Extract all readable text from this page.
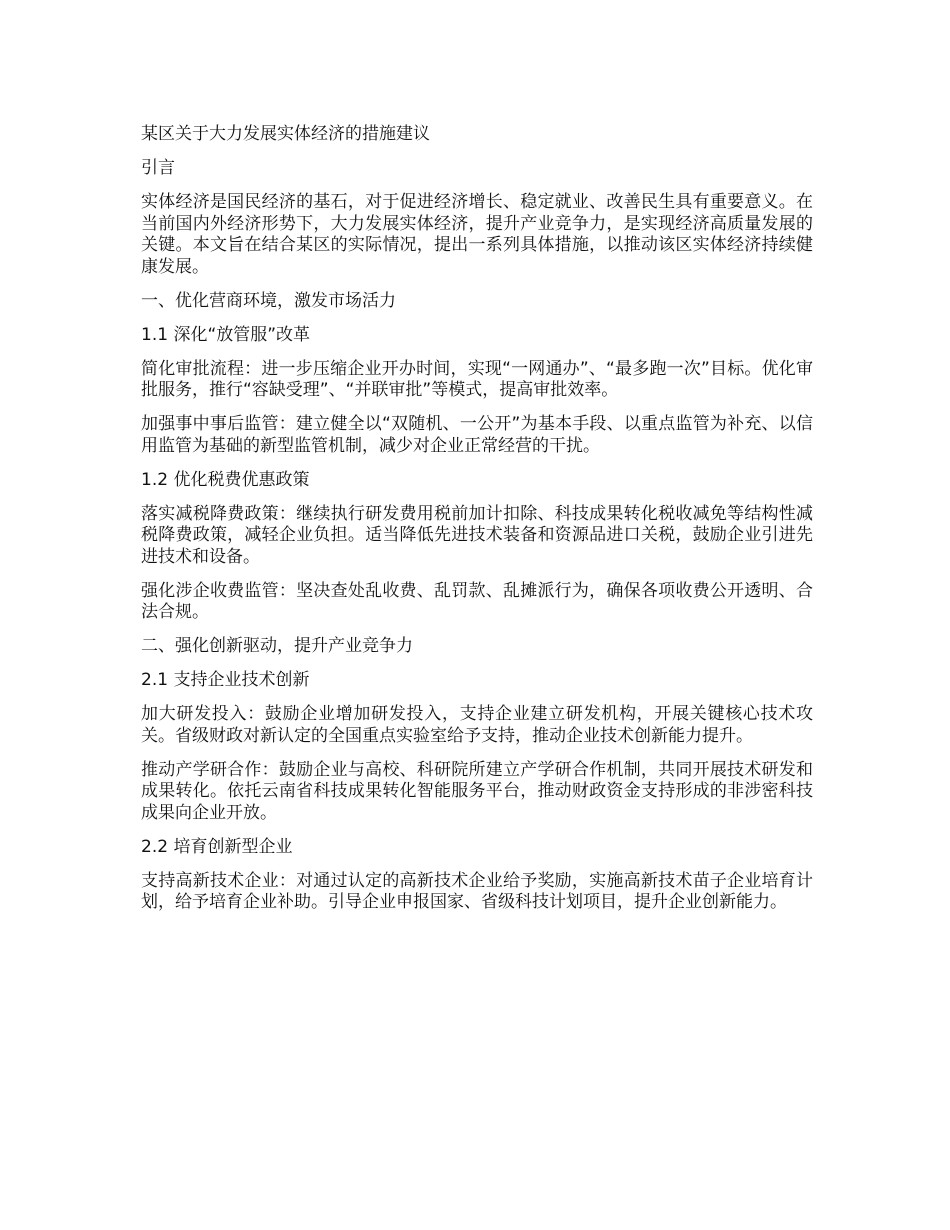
某区关于大力发展实体经济的措施建议

引言

实体经济是国民经济的基石，对于促进经济增长、稳定就业、改善民生具有重要意义。在当前国内外经济形势下，大力发展实体经济，提升产业竞争力，是实现经济高质量发展的关键。本文旨在结合某区的实际情况，提出一系列具体措施，以推动该区实体经济持续健康发展。

一、优化营商环境，激发市场活力

1.1 深化“放管服”改革

简化审批流程：进一步压缩企业开办时间，实现“一网通办”、“最多跑一次”目标。优化审批服务，推行“容缺受理”、“并联审批”等模式，提高审批效率。

加强事中事后监管：建立健全以“双随机、一公开”为基本手段、以重点监管为补充、以信用监管为基础的新型监管机制，减少对企业正常经营的干扰。

1.2 优化税费优惠政策

落实减税降费政策：继续执行研发费用税前加计扣除、科技成果转化税收减免等结构性减税降费政策，减轻企业负担。适当降低先进技术装备和资源品进口关税，鼓励企业引进先进技术和设备。

强化涉企收费监管：坚决查处乱收费、乱罚款、乱摊派行为，确保各项收费公开透明、合法合规。

二、强化创新驱动，提升产业竞争力

2.1 支持企业技术创新

加大研发投入：鼓励企业增加研发投入，支持企业建立研发机构，开展关键核心技术攻关。省级财政对新认定的全国重点实验室给予支持，推动企业技术创新能力提升。

推动产学研合作：鼓励企业与高校、科研院所建立产学研合作机制，共同开展技术研发和成果转化。依托云南省科技成果转化智能服务平台，推动财政资金支持形成的非涉密科技成果向企业开放。

2.2 培育创新型企业

支持高新技术企业：对通过认定的高新技术企业给予奖励，实施高新技术苗子企业培育计划，给予培育企业补助。引导企业申报国家、省级科技计划项目，提升企业创新能力。
